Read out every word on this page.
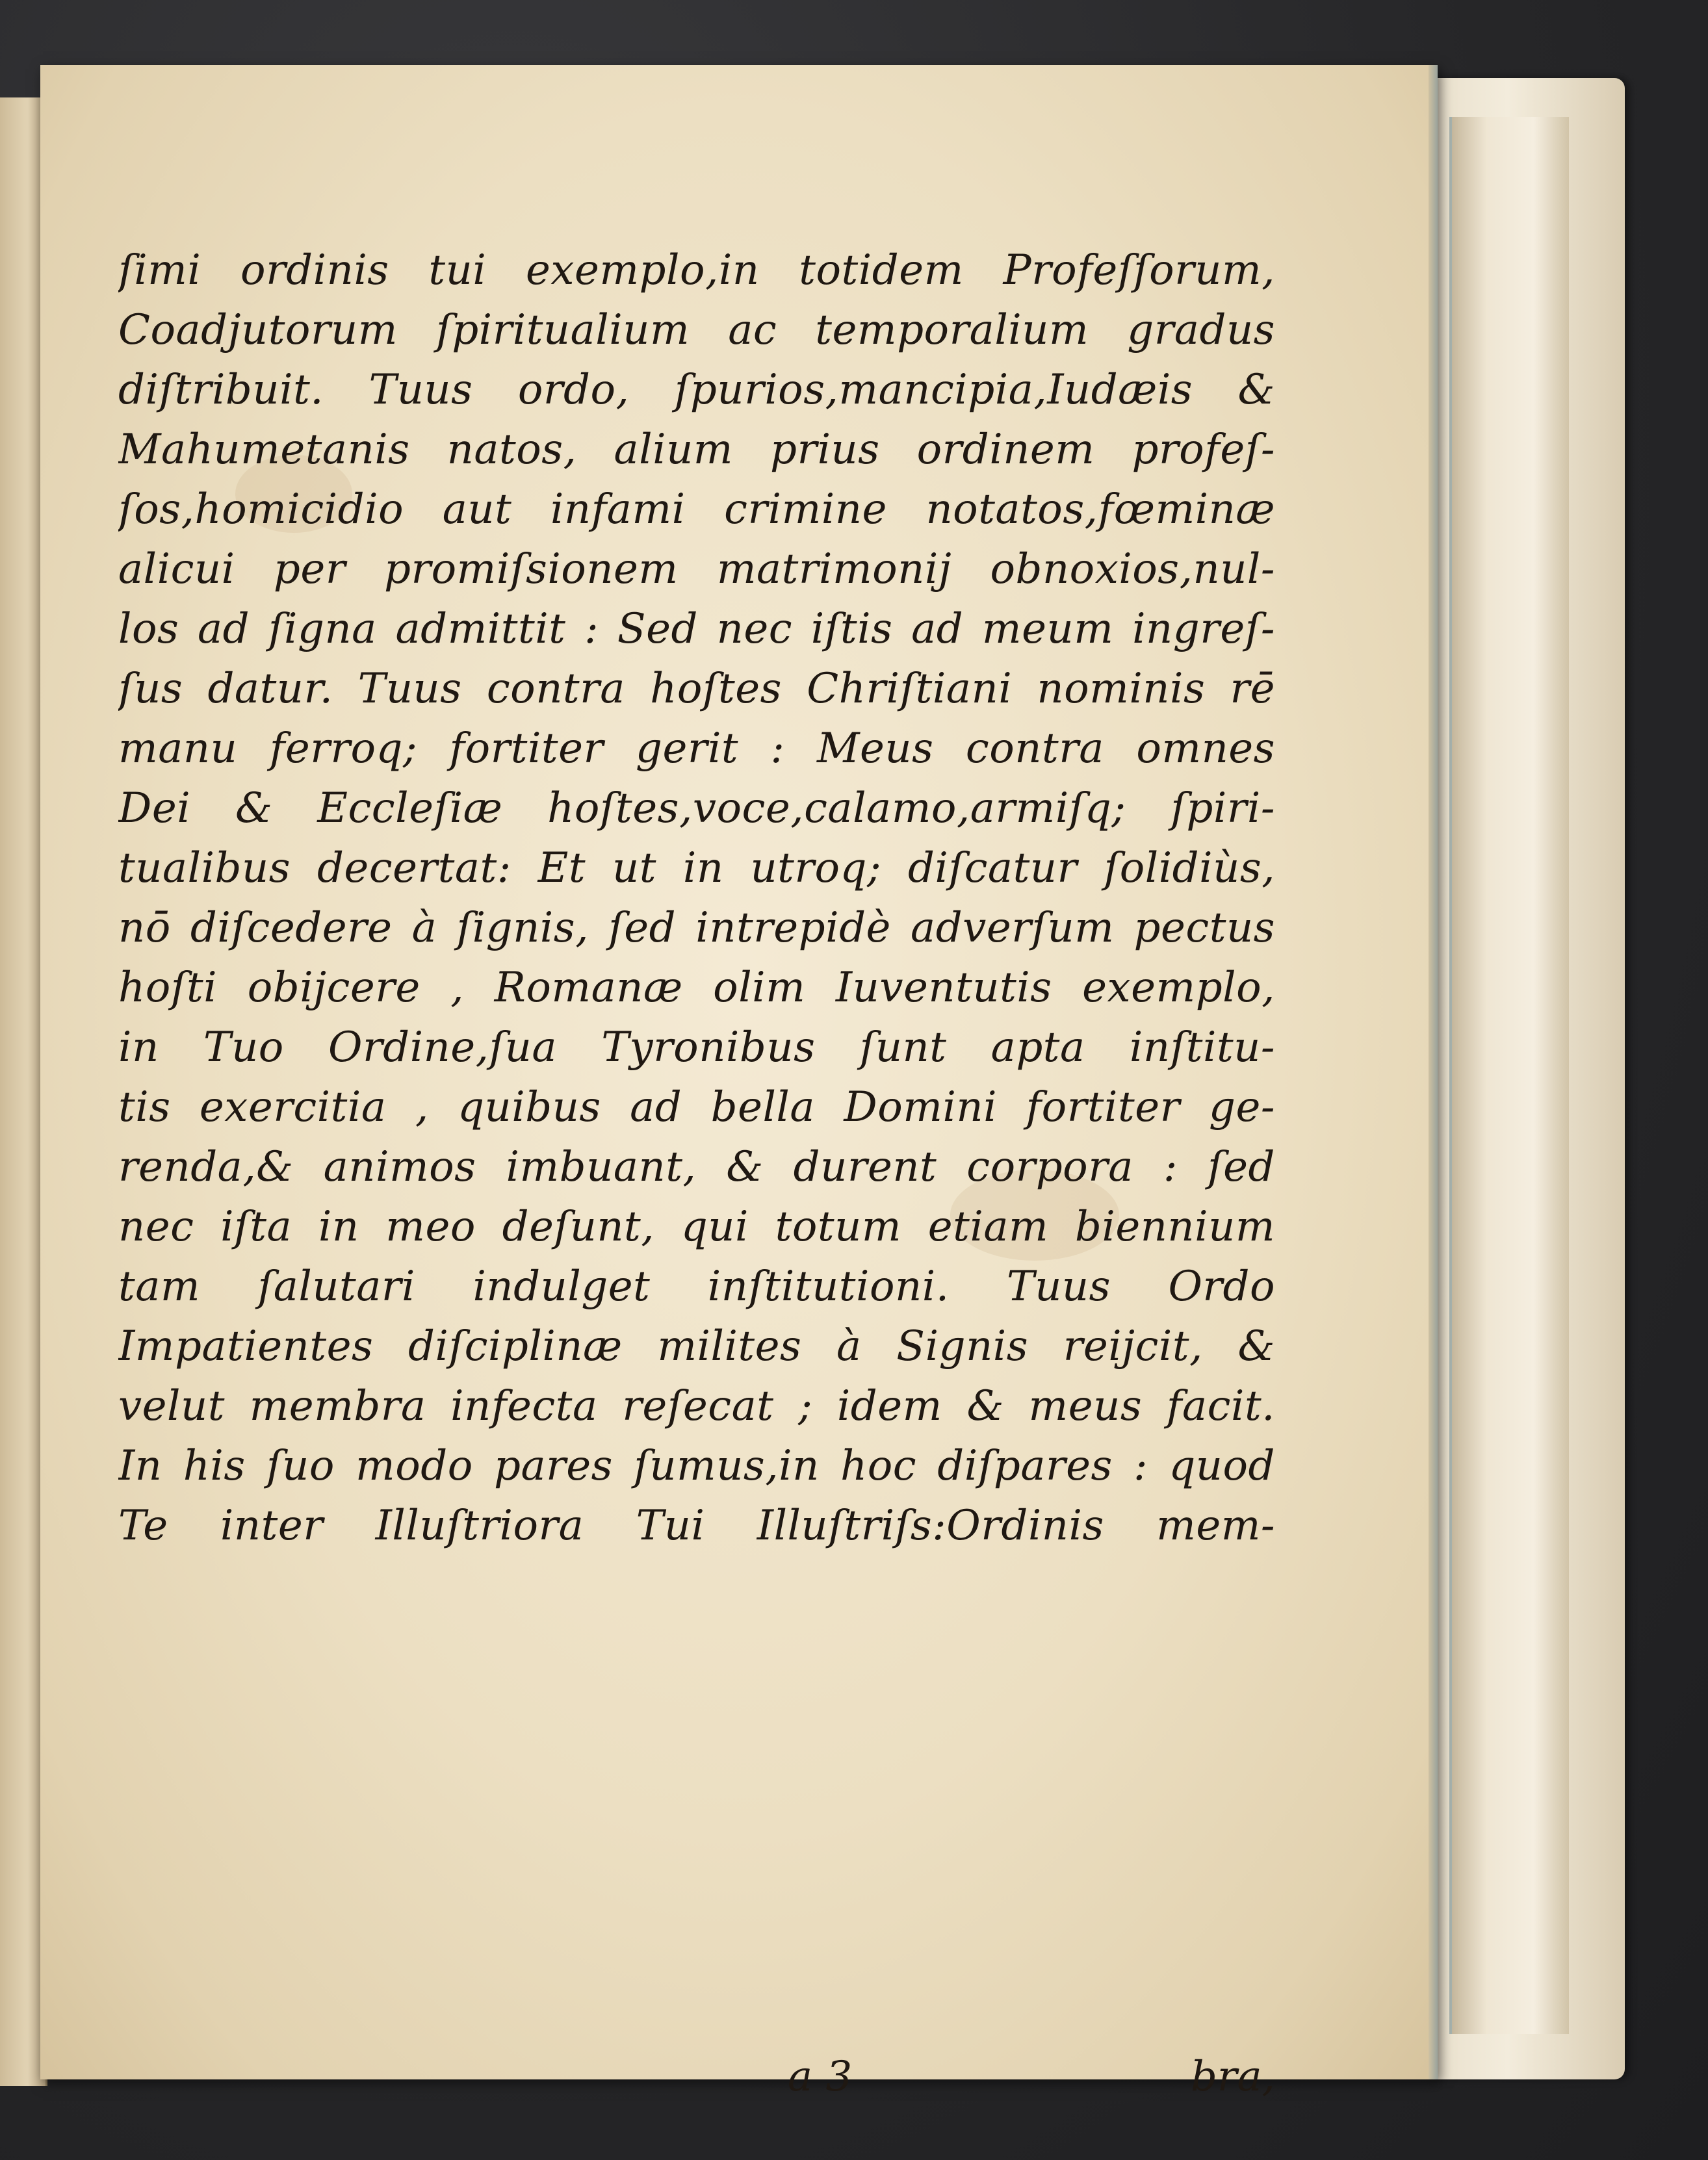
ſimi ordinis tui exemplo,in totidem Profeſſorum,
Coadjutorum ſpiritualium ac temporalium gradus
diſtribuit. Tuus ordo, ſpurios,mancipia,Iudæis &
Mahumetanis natos, alium prius ordinem profeſ-
ſos,homicidio aut infami crimine notatos,fœminæ
alicui per promiſsionem matrimonij obnoxios,nul-
los ad ſigna admittit : Sed nec iſtis ad meum ingreſ-
ſus datur. Tuus contra hoſtes Chriſtiani nominis rē
manu ferroq; fortiter gerit : Meus contra omnes
Dei & Eccleſiæ hoſtes,voce,calamo,armiſq; ſpiri-
tualibus decertat: Et ut in utroq; diſcatur ſolidiùs,
nō diſcedere à ſignis, ſed intrepidè adverſum pectus
hoſti obijcere , Romanæ olim Iuventutis exemplo,
in Tuo Ordine,ſua Tyronibus ſunt apta inſtitu-
tis exercitia , quibus ad bella Domini fortiter ge-
renda,& animos imbuant, & durent corpora : ſed
nec iſta in meo deſunt, qui totum etiam biennium
tam ſalutari indulget inſtitutioni. Tuus Ordo
Impatientes diſciplinæ milites à Signis reijcit, &
velut membra infecta reſecat ; idem & meus facit.
In his ſuo modo pares ſumus,in hoc diſpares : quod
Te inter Illuſtriora Tui Illuſtriſs:Ordinis mem-
a 3	bra,
